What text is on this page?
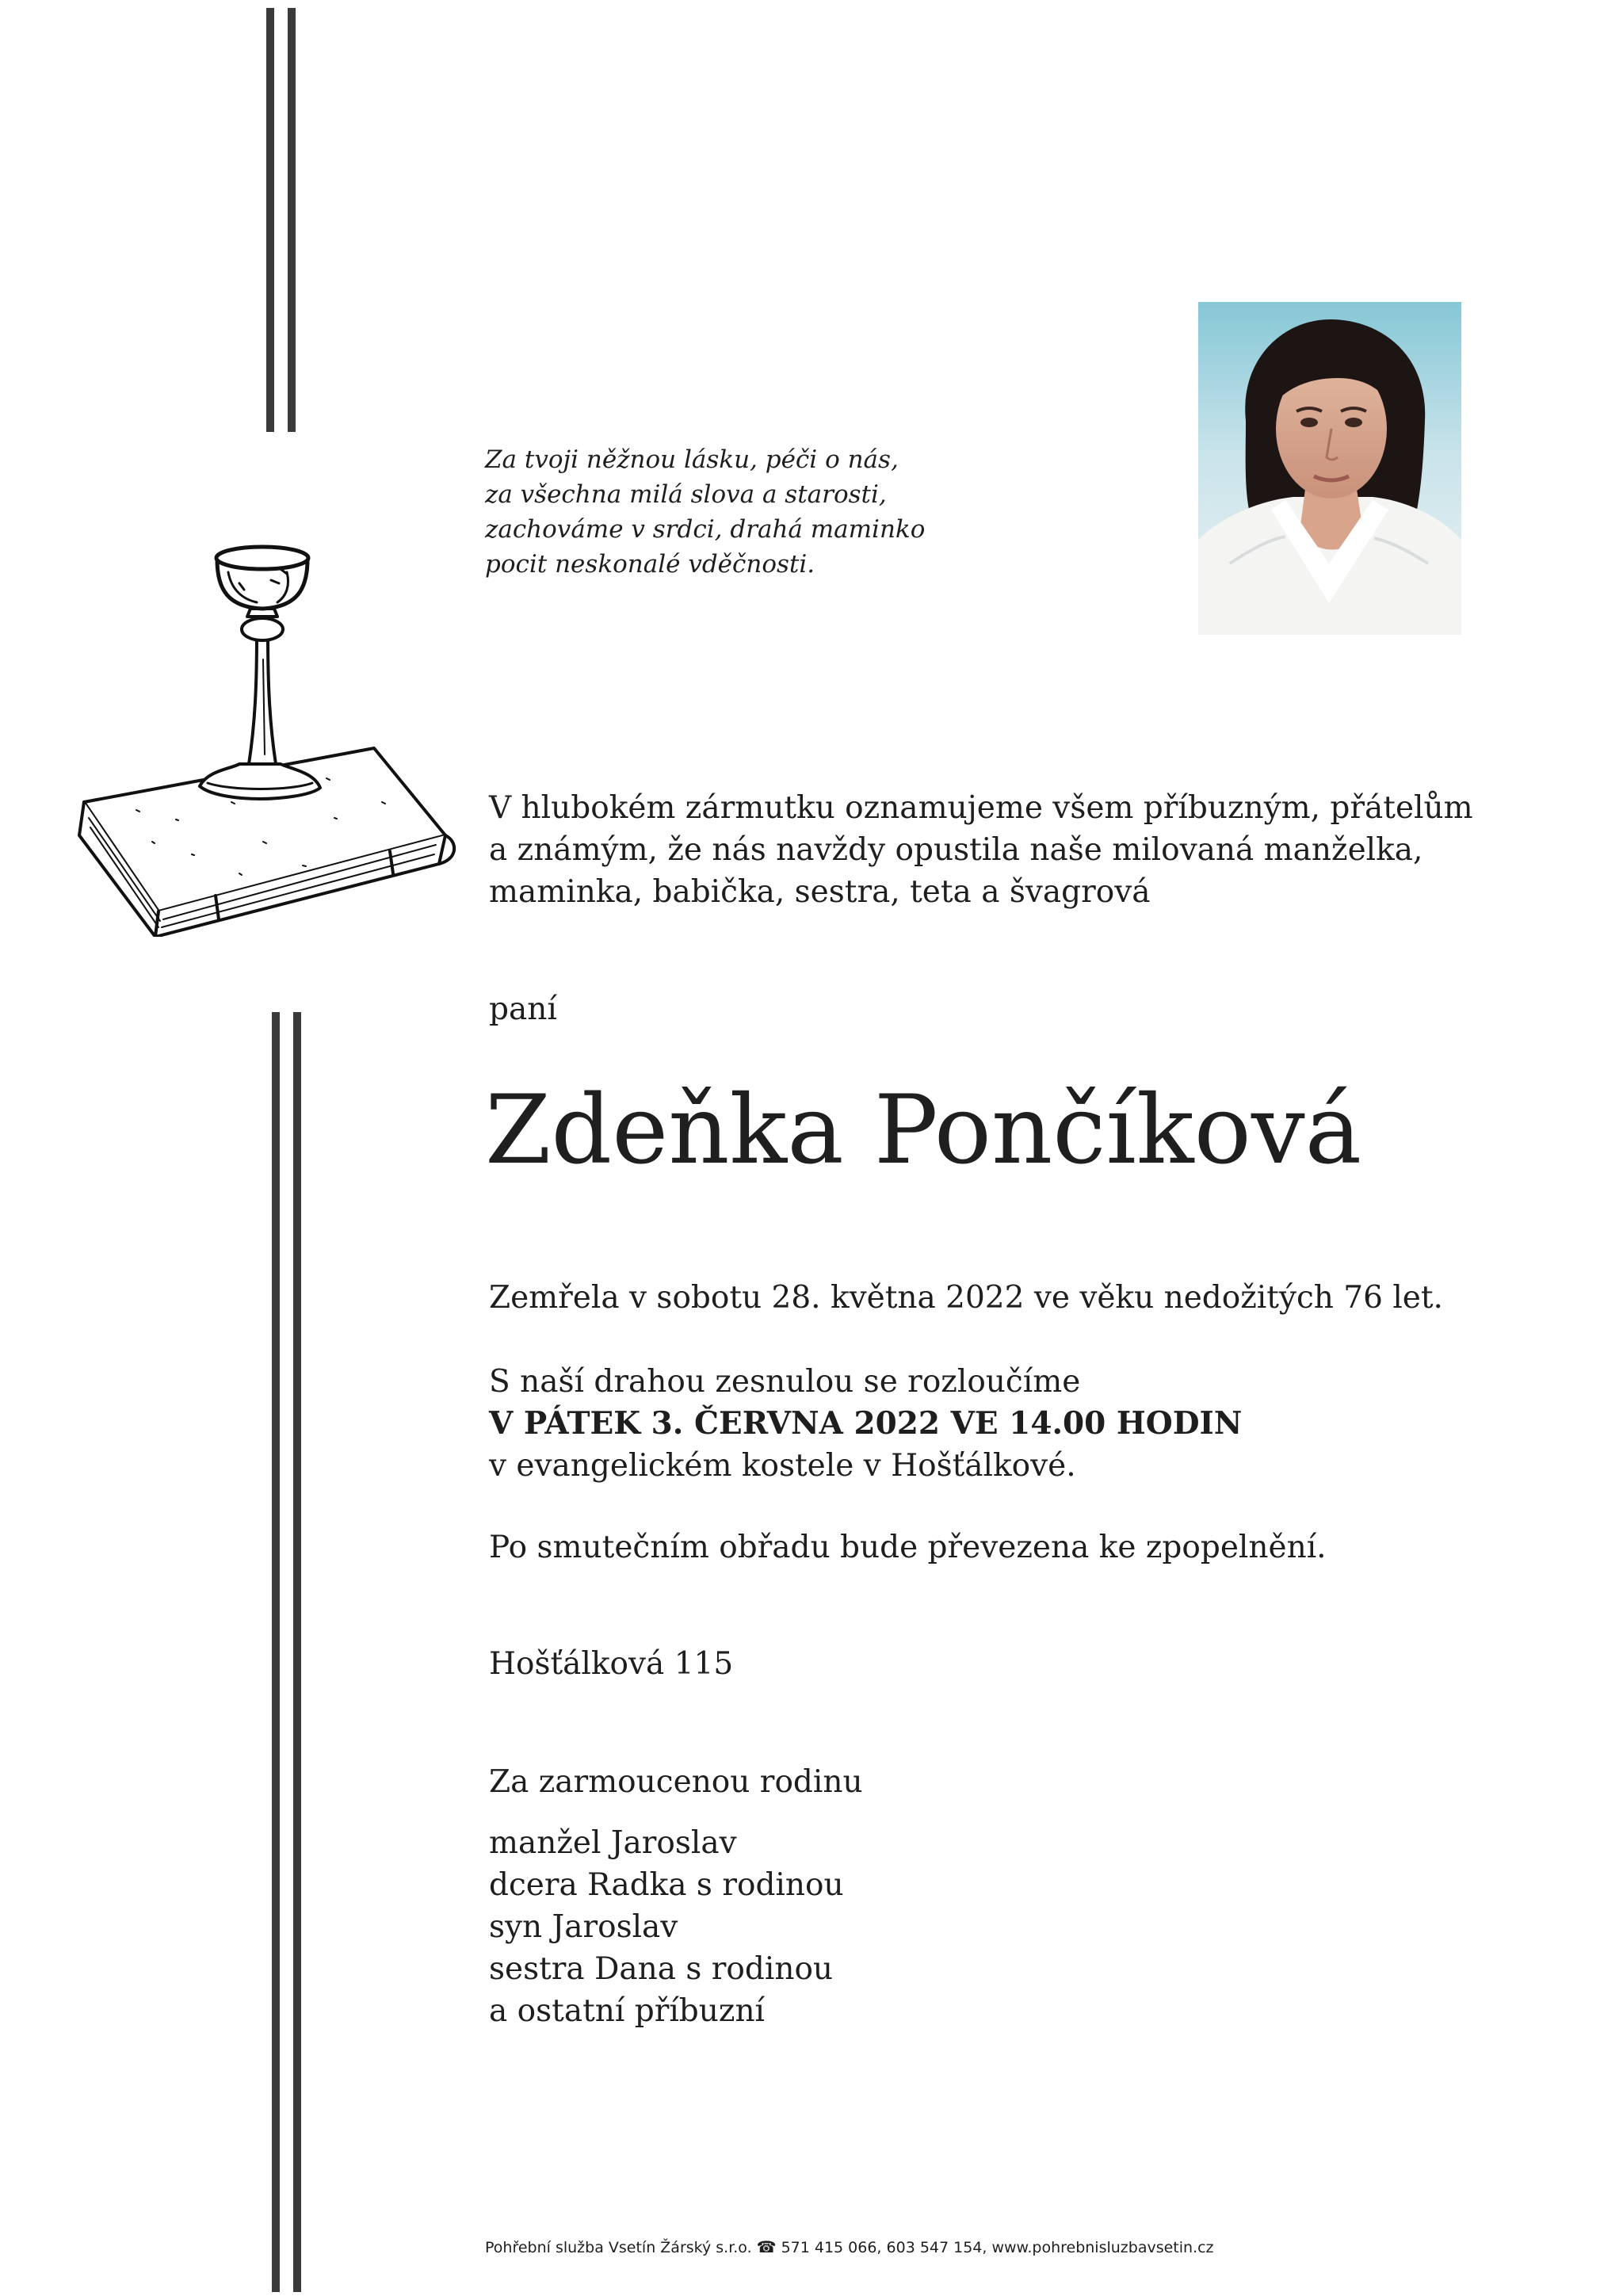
Za tvoji něžnou lásku, péči o nás,
za všechna milá slova a starosti,
zachováme v srdci, drahá maminko
pocit neskonalé vděčnosti.
V hlubokém zármutku oznamujeme všem příbuzným, přátelům
a známým, že nás navždy opustila naše milovaná manželka,
maminka, babička, sestra, teta a švagrová
paní
Zdeňka Pončíková
Zemřela v sobotu 28. května 2022 ve věku nedožitých 76 let.
S naší drahou zesnulou se rozloučíme
V PÁTEK 3. ČERVNA 2022 VE 14.00 HODIN
v evangelickém kostele v Hošťálkové.
Po smutečním obřadu bude převezena ke zpopelnění.
Hošťálková 115
Za zarmoucenou rodinu
manžel Jaroslav
dcera Radka s rodinou
syn Jaroslav
sestra Dana s rodinou
a ostatní příbuzní
Pohřební služba Vsetín Žárský s.r.o. ☎ 571 415 066, 603 547 154, www.pohrebnisluzbavsetin.cz
